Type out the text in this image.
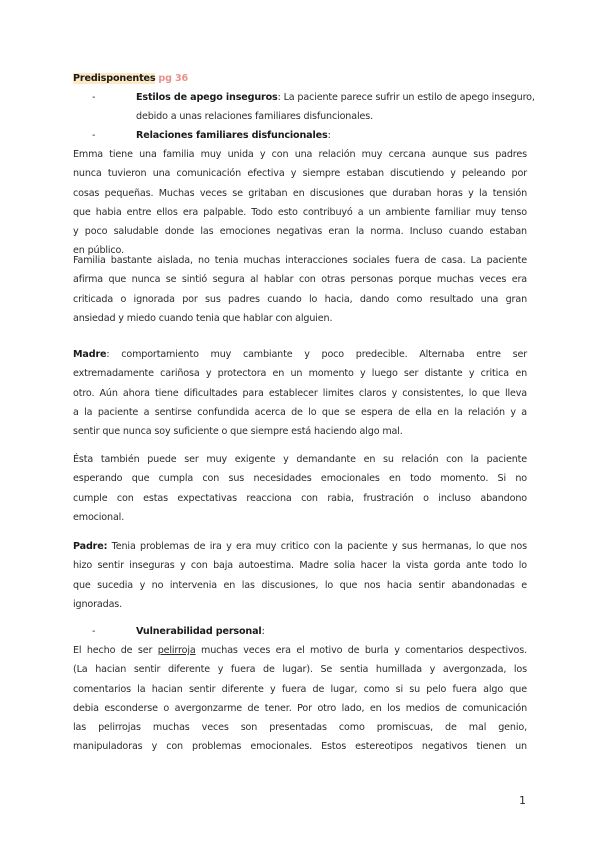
Predisponentes pg 36
-	Estilos de apego inseguros: La paciente parece sufrir un estilo de apego inseguro,
debido a unas relaciones familiares disfuncionales.
-	Relaciones familiares disfuncionales:
Emma tiene una familia muy unida y con una relación muy cercana aunque sus padres
nunca tuvieron una comunicación efectiva y siempre estaban discutiendo y peleando por
cosas pequeñas. Muchas veces se gritaban en discusiones que duraban horas y la tensión
que habia entre ellos era palpable. Todo esto contribuyó a un ambiente familiar muy tenso
y poco saludable donde las emociones negativas eran la norma. Incluso cuando estaban
en público.
Familia bastante aislada, no tenia muchas interacciones sociales fuera de casa. La paciente
afirma que nunca se sintió segura al hablar con otras personas porque muchas veces era
criticada o ignorada por sus padres cuando lo hacia, dando como resultado una gran
ansiedad y miedo cuando tenia que hablar con alguien.
Madre: comportamiento muy cambiante y poco predecible. Alternaba entre ser
extremadamente cariñosa y protectora en un momento y luego ser distante y critica en
otro. Aún ahora tiene dificultades para establecer limites claros y consistentes, lo que lleva
a la paciente a sentirse confundida acerca de lo que se espera de ella en la relación y a
sentir que nunca soy suficiente o que siempre está haciendo algo mal.
Ésta también puede ser muy exigente y demandante en su relación con la paciente
esperando que cumpla con sus necesidades emocionales en todo momento. Si no
cumple con estas expectativas reacciona con rabia, frustración o incluso abandono
emocional.
Padre: Tenia problemas de ira y era muy critico con la paciente y sus hermanas, lo que nos
hizo sentir inseguras y con baja autoestima. Madre solia hacer la vista gorda ante todo lo
que sucedia y no intervenia en las discusiones, lo que nos hacia sentir abandonadas e
ignoradas.
-	Vulnerabilidad personal:
El hecho de ser pelirroja muchas veces era el motivo de burla y comentarios despectivos.
(La hacian sentir diferente y fuera de lugar). Se sentia humillada y avergonzada, los
comentarios la hacian sentir diferente y fuera de lugar, como si su pelo fuera algo que
debia esconderse o avergonzarme de tener. Por otro lado, en los medios de comunicación
las pelirrojas muchas veces son presentadas como promiscuas, de mal genio,
manipuladoras y con problemas emocionales. Estos estereotipos negativos tienen un
1
